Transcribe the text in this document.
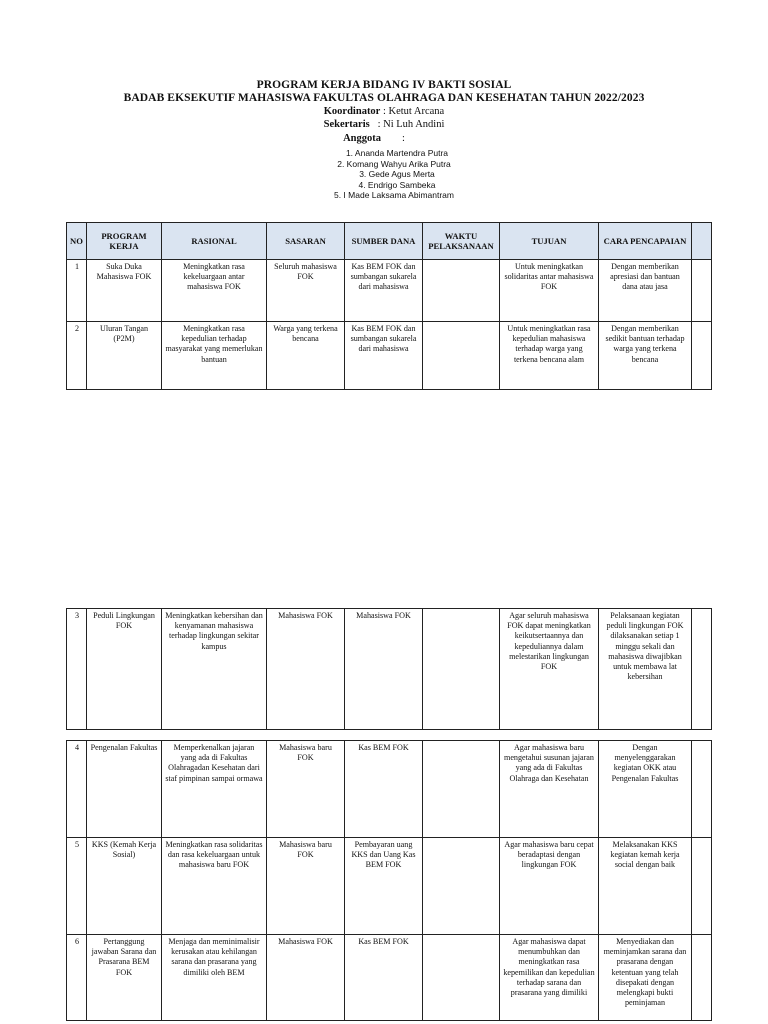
PROGRAM KERJA BIDANG IV BAKTI SOSIAL
BADAB EKSEKUTIF MAHASISWA FAKULTAS OLAHRAGA DAN KESEHATAN TAHUN 2022/2023
Koordinator : Ketut Arcana
Sekertaris : Ni Luh Andini
Anggota :
1. Ananda Martendra Putra
2. Komang Wahyu Arika Putra
3. Gede Agus Merta
4. Endrigo Sambeka
5. I Made Laksama Abimantram
NO	PROGRAM KERJA	RASIONAL	SASARAN	SUMBER DANA	WAKTU PELAKSANAAN	TUJUAN	CARA PENCAPAIAN	
1	Suka Duka Mahasiswa FOK	Meningkatkan rasa kekeluargaan antar mahasiswa FOK	Seluruh mahasiswa FOK	Kas BEM FOK dan sumbangan sukarela dari mahasiswa		Untuk meningkatkan solidaritas antar mahasiswa FOK	Dengan memberikan apresiasi dan bantuan dana atau jasa	
2	Uluran Tangan (P2M)	Meningkatkan rasa kepedulian terhadap masyarakat yang memerlukan bantuan	Warga yang terkena bencana	Kas BEM FOK dan sumbangan sukarela dari mahasiswa		Untuk meningkatkan rasa kepedulian mahasiswa terhadap warga yang terkena bencana alam	Dengan memberikan sedikit bantuan terhadap warga yang terkena bencana	
3	Peduli Lingkungan FOK	Meningkatkan kebersihan dan kenyamanan mahasiswa terhadap lingkungan sekitar kampus	Mahasiswa FOK	Mahasiswa FOK		Agar seluruh mahasiswa FOK dapat meningkatkan keikutsertaannya dan kepeduliannya dalam melestarikan lingkungan FOK	Pelaksanaan kegiatan peduli lingkungan FOK dilaksanakan setiap 1 minggu sekali dan mahasiswa diwajibkan untuk membawa lat kebersihan	
4	Pengenalan Fakultas	Memperkenalkan jajaran yang ada di Fakultas Olahragadan Kesehatan dari staf pimpinan sampai ormawa	Mahasiswa baru FOK	Kas BEM FOK		Agar mahasiswa baru mengetahui susunan jajaran yang ada di Fakultas Olahraga dan Kesehatan	Dengan menyelenggarakan kegiatan OKK atau Pengenalan Fakultas	
5	KKS (Kemah Kerja Sosial)	Meningkatkan rasa solidaritas dan rasa kekeluargaan untuk mahasiswa baru FOK	Mahasiswa baru FOK	Pembayaran uang KKS dan Uang Kas BEM FOK		Agar mahasiswa baru cepat beradaptasi dengan lingkungan FOK	Melaksanakan KKS kegiatan kemah kerja social dengan baik	
6	Pertanggung jawaban Sarana dan Prasarana BEM FOK	Menjaga dan meminimalisir kerusakan atau kehilangan sarana dan prasarana yang dimiliki oleh BEM	Mahasiswa FOK	Kas BEM FOK		Agar mahasiswa dapat menumbuhkan dan meningkatkan rasa kepemilikan dan kepedulian terhadap sarana dan prasarana yang dimiliki	Menyediakan dan meminjamkan sarana dan prasarana dengan ketentuan yang telah disepakati dengan melengkapi bukti peminjaman	
